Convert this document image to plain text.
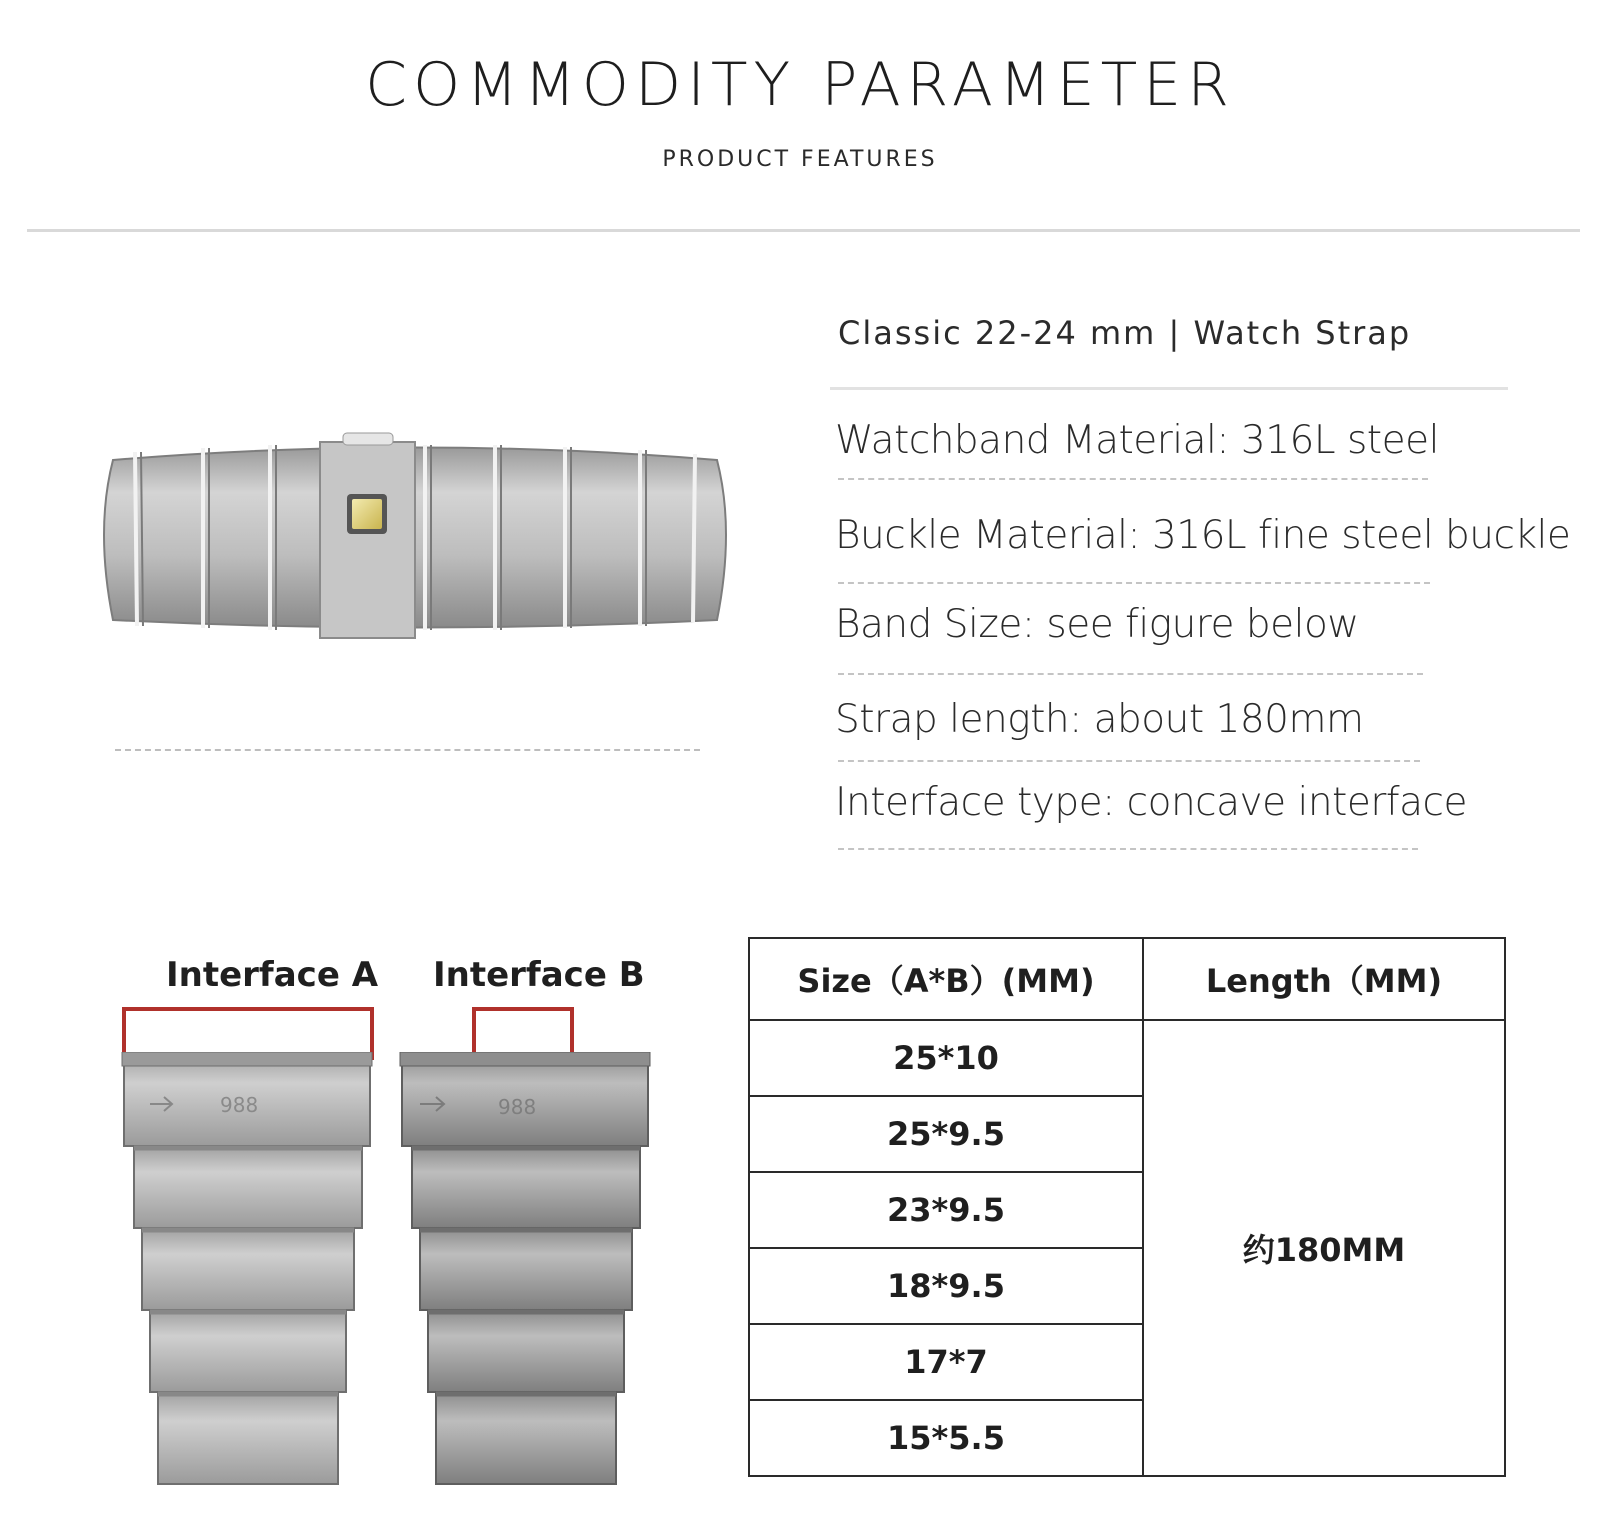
COMMODITY PARAMETER
PRODUCT FEATURES
Classic 22-24 mm | Watch Strap
Watchband Material: 316L steel
Buckle Material: 316L fine steel buckle
Band Size: see figure below
Strap length: about 180mm
Interface type: concave interface
Interface A
988
Interface B
988
Size（A*B）(MM)	Length（MM)
25*10	约180MM
25*9.5	
23*9.5	
18*9.5	
17*7	
15*5.5	
